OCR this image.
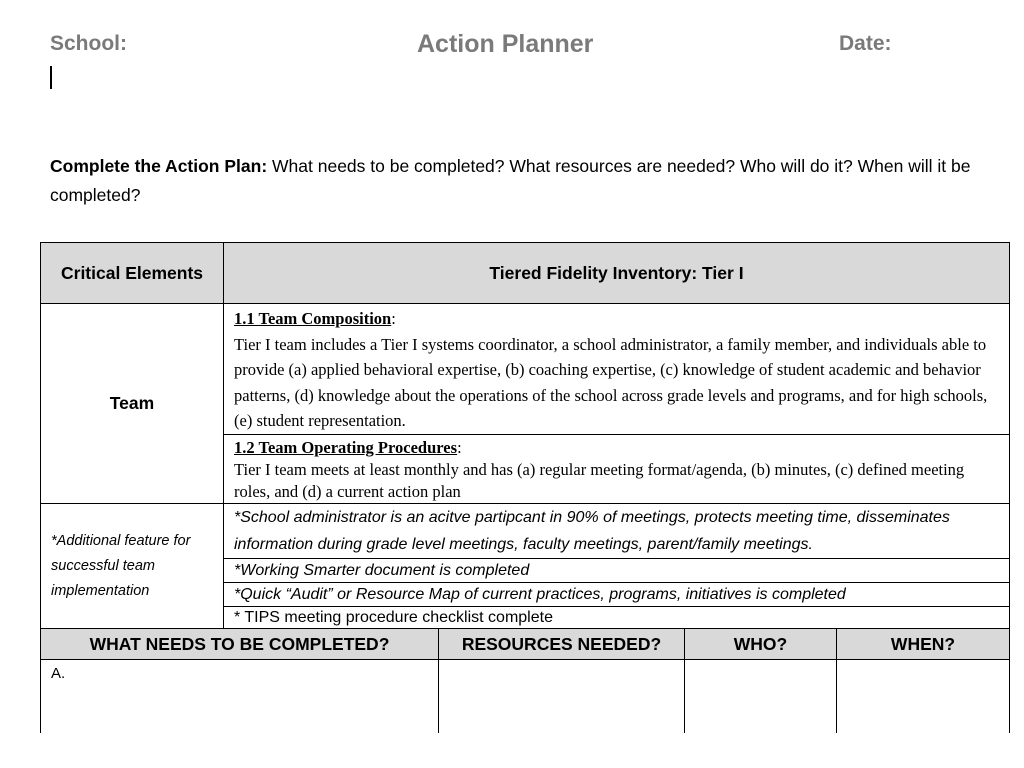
School:	Action Planner	Date:
Complete the Action Plan: What needs to be completed? What resources are needed? Who will do it? When will it be completed?
Critical Elements	Tiered Fidelity Inventory: Tier I
Team	1.1 Team Composition:
Tier I team includes a Tier I systems coordinator, a school administrator, a family member, and individuals able to provide (a) applied behavioral expertise, (b) coaching expertise, (c) knowledge of student academic and behavior patterns, (d) knowledge about the operations of the school across grade levels and programs, and for high schools, (e) student representation.
	1.2 Team Operating Procedures:
Tier I team meets at least monthly and has (a) regular meeting format/agenda, (b) minutes, (c) defined meeting roles, and (d) a current action plan
*Additional feature for successful team implementation	*School administrator is an acitve partipcant in 90% of meetings, protects meeting time, disseminates information during grade level meetings, faculty meetings, parent/family meetings.
	*Working Smarter document is completed
	*Quick “Audit” or Resource Map of current practices, programs, initiatives is completed
	* TIPS meeting procedure checklist complete
WHAT NEEDS TO BE COMPLETED?	RESOURCES NEEDED?	WHO?	WHEN?
A.			
